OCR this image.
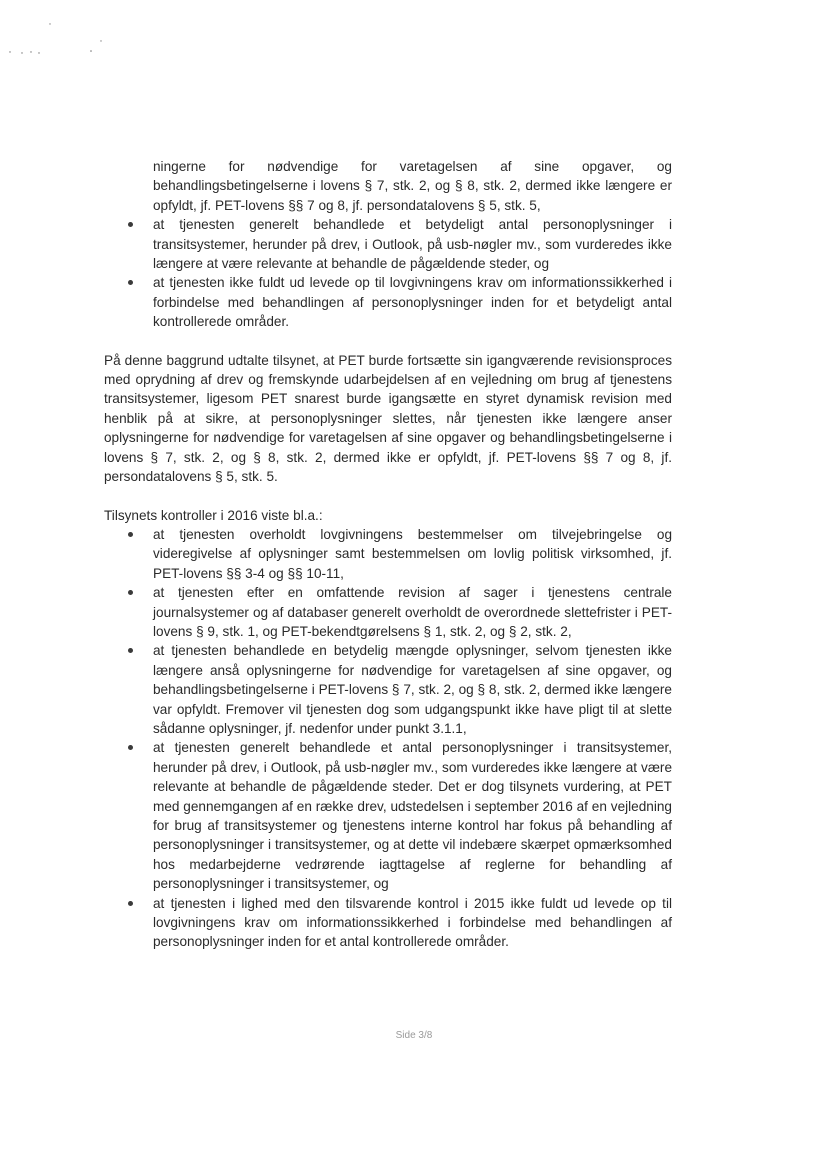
ningerne for nødvendige for varetagelsen af sine opgaver, og behandlingsbetingelserne i lovens § 7, stk. 2, og § 8, stk. 2, dermed ikke længere er opfyldt, jf. PET-lovens §§ 7 og 8, jf. persondatalovens § 5, stk. 5,
at tjenesten generelt behandlede et betydeligt antal personoplysninger i transitsystemer, herunder på drev, i Outlook, på usb-nøgler mv., som vurderedes ikke længere at være relevante at behandle de pågældende steder, og
at tjenesten ikke fuldt ud levede op til lovgivningens krav om informationssikkerhed i forbindelse med behandlingen af personoplysninger inden for et betydeligt antal kontrollerede områder.

På denne baggrund udtalte tilsynet, at PET burde fortsætte sin igangværende revisionsproces med oprydning af drev og fremskynde udarbejdelsen af en vejledning om brug af tjenestens transitsystemer, ligesom PET snarest burde igangsætte en styret dynamisk revision med henblik på at sikre, at personoplysninger slettes, når tjenesten ikke længere anser oplysningerne for nødvendige for varetagelsen af sine opgaver og behandlingsbetingelserne i lovens § 7, stk. 2, og § 8, stk. 2, dermed ikke er opfyldt, jf. PET-lovens §§ 7 og 8, jf. persondatalovens § 5, stk. 5.

Tilsynets kontroller i 2016 viste bl.a.:
at tjenesten overholdt lovgivningens bestemmelser om tilvejebringelse og videregivelse af oplysninger samt bestemmelsen om lovlig politisk virksomhed, jf. PET-lovens §§ 3-4 og §§ 10-11,
at tjenesten efter en omfattende revision af sager i tjenestens centrale journalsystemer og af databaser generelt overholdt de overordnede slettefrister i PET-lovens § 9, stk. 1, og PET-bekendtgørelsens § 1, stk. 2, og § 2, stk. 2,
at tjenesten behandlede en betydelig mængde oplysninger, selvom tjenesten ikke længere anså oplysningerne for nødvendige for varetagelsen af sine opgaver, og behandlingsbetingelserne i PET-lovens § 7, stk. 2, og § 8, stk. 2, dermed ikke længere var opfyldt. Fremover vil tjenesten dog som udgangspunkt ikke have pligt til at slette sådanne oplysninger, jf. nedenfor under punkt 3.1.1,
at tjenesten generelt behandlede et antal personoplysninger i transitsystemer, herunder på drev, i Outlook, på usb-nøgler mv., som vurderedes ikke længere at være relevante at behandle de pågældende steder. Det er dog tilsynets vurdering, at PET med gennemgangen af en række drev, udstedelsen i september 2016 af en vejledning for brug af transitsystemer og tjenestens interne kontrol har fokus på behandling af personoplysninger i transitsystemer, og at dette vil indebære skærpet opmærksomhed hos medarbejderne vedrørende iagttagelse af reglerne for behandling af personoplysninger i transitsystemer, og
at tjenesten i lighed med den tilsvarende kontrol i 2015 ikke fuldt ud levede op til lovgivningens krav om informationssikkerhed i forbindelse med behandlingen af personoplysninger inden for et antal kontrollerede områder.
Side 3/8
